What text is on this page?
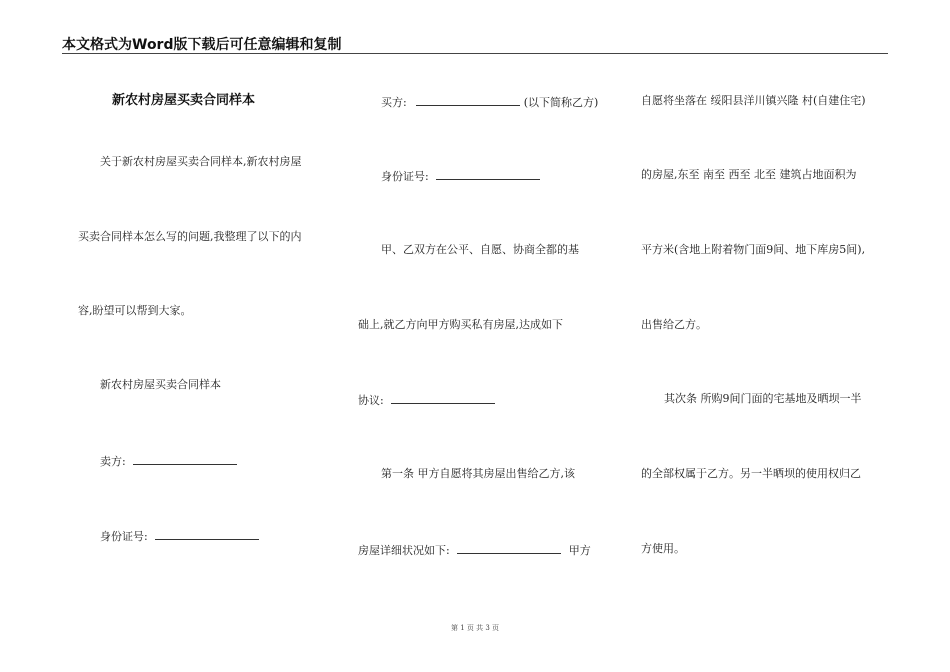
本文格式为Word版下载后可任意编辑和复制
新农村房屋买卖合同样本
关于新农村房屋买卖合同样本,新农村房屋
买卖合同样本怎么写的问题,我整理了以下的内
容,盼望可以帮到大家。
新农村房屋买卖合同样本
卖方:
身份证号:
买方:	(以下简称乙方)
身份证号:
甲、乙双方在公平、自愿、协商全都的基
础上,就乙方向甲方购买私有房屋,达成如下
协议:
第一条 甲方自愿将其房屋出售给乙方,该
房屋详细状况如下:	甲方
自愿将坐落在 绥阳县洋川镇兴隆 村(自建住宅)
的房屋,东至 南至 西至 北至 建筑占地面积为
平方米(含地上附着物门面9间、地下库房5间),
出售给乙方。
其次条 所购9间门面的宅基地及晒坝一半
的全部权属于乙方。另一半晒坝的使用权归乙
方使用。
第 1 页 共 3 页
